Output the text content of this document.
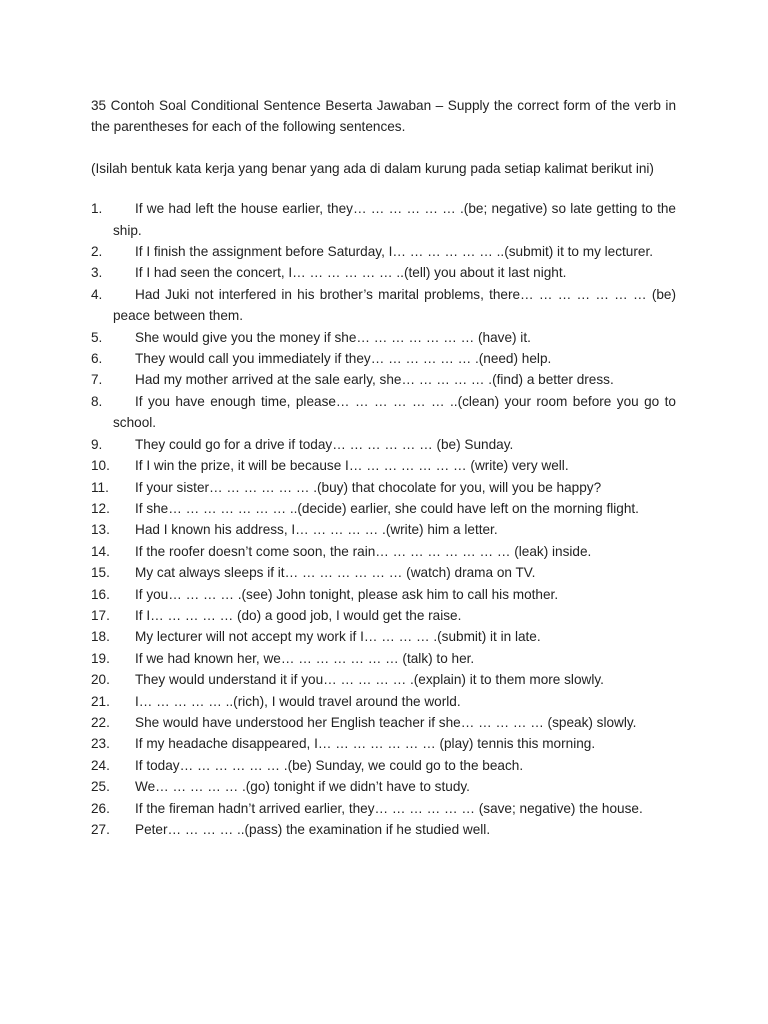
35 Contoh Soal Conditional Sentence Beserta Jawaban – Supply the correct form of the verb in the parentheses for each of the following sentences.

(Isilah bentuk kata kerja yang benar yang ada di dalam kurung pada setiap kalimat berikut ini)

1. If we had left the house earlier, they… … … … … … .(be; negative) so late getting to the ship.
2. If I finish the assignment before Saturday, I… … … … … … ..(submit) it to my lecturer.
3. If I had seen the concert, I… … … … … … ..(tell) you about it last night.
4. Had Juki not interfered in his brother’s marital problems, there… … … … … … … (be) peace between them.
5. She would give you the money if she… … … … … … … (have) it.
6. They would call you immediately if they… … … … … … .(need) help.
7. Had my mother arrived at the sale early, she… … … … … .(find) a better dress.
8. If you have enough time, please… … … … … … ..(clean) your room before you go to school.
9. They could go for a drive if today… … … … … … (be) Sunday.
10. If I win the prize, it will be because I… … … … … … … (write) very well.
11. If your sister… … … … … … .(buy) that chocolate for you, will you be happy?
12. If she… … … … … … … ..(decide) earlier, she could have left on the morning flight.
13. Had I known his address, I… … … … … .(write) him a letter.
14. If the roofer doesn’t come soon, the rain… … … … … … … … (leak) inside.
15. My cat always sleeps if it… … … … … … … (watch) drama on TV.
16. If you… … … … .(see) John tonight, please ask him to call his mother.
17. If I… … … … … (do) a good job, I would get the raise.
18. My lecturer will not accept my work if I… … … … .(submit) it in late.
19. If we had known her, we… … … … … … … (talk) to her.
20. They would understand it if you… … … … … .(explain) it to them more slowly.
21. I… … … … … ..(rich), I would travel around the world.
22. She would have understood her English teacher if she… … … … … (speak) slowly.
23. If my headache disappeared, I… … … … … … … (play) tennis this morning.
24. If today… … … … … … .(be) Sunday, we could go to the beach.
25. We… … … … … .(go) tonight if we didn’t have to study.
26. If the fireman hadn’t arrived earlier, they… … … … … … (save; negative) the house.
27. Peter… … … … ..(pass) the examination if he studied well.
